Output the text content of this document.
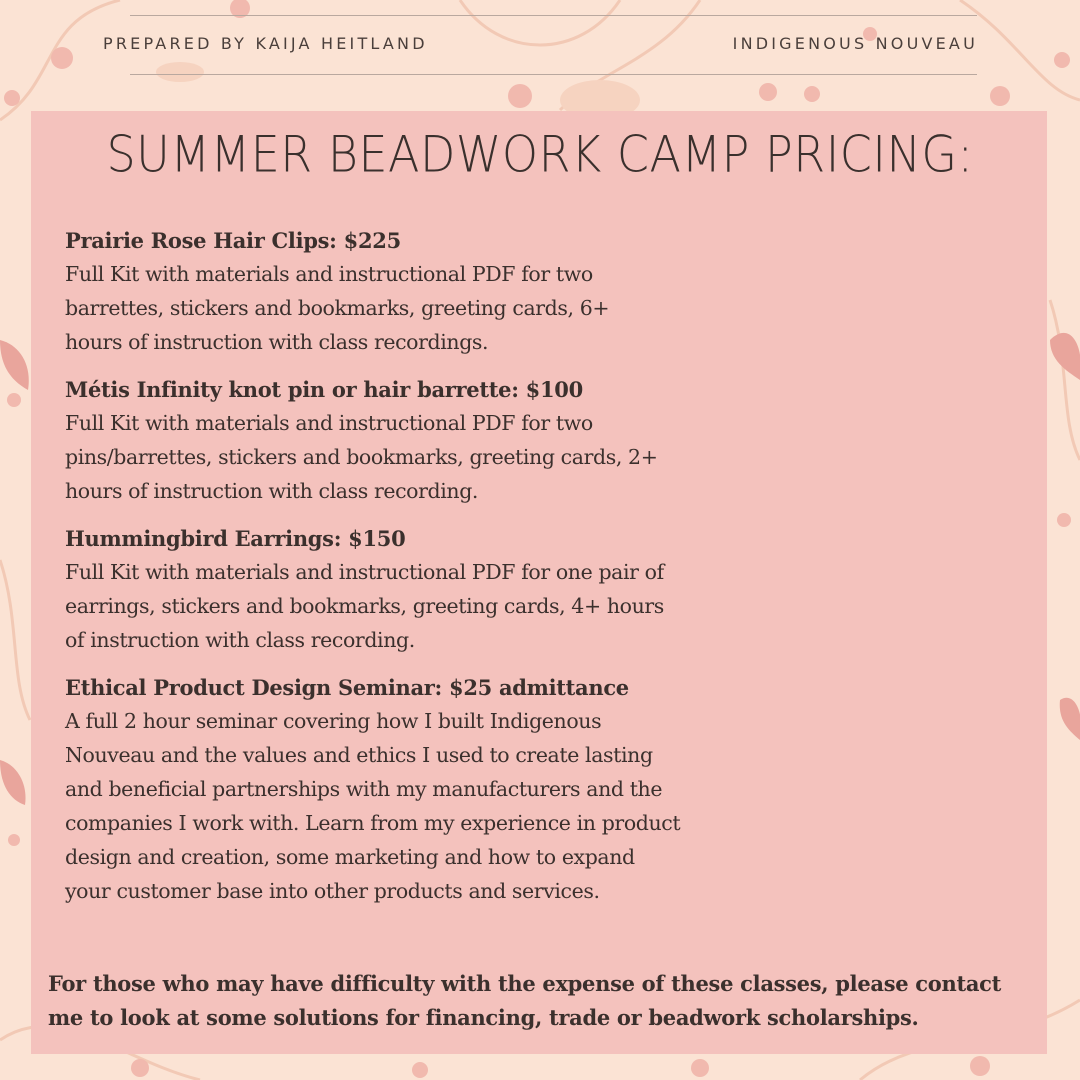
PREPARED BY KAIJA HEITLAND	INDIGENOUS NOUVEAU
SUMMER BEADWORK CAMP PRICING:
Prairie Rose Hair Clips: $225
Full Kit with materials and instructional PDF for two
barrettes, stickers and bookmarks, greeting cards, 6+
hours of instruction with class recordings.
Métis Infinity knot pin or hair barrette: $100
Full Kit with materials and instructional PDF for two
pins/barrettes, stickers and bookmarks, greeting cards, 2+
hours of instruction with class recording.
Hummingbird Earrings: $150
Full Kit with materials and instructional PDF for one pair of
earrings, stickers and bookmarks, greeting cards, 4+ hours
of instruction with class recording.
Ethical Product Design Seminar: $25 admittance
A full 2 hour seminar covering how I built Indigenous
Nouveau and the values and ethics I used to create lasting
and beneficial partnerships with my manufacturers and the
companies I work with. Learn from my experience in product
design and creation, some marketing and how to expand
your customer base into other products and services.
For those who may have difficulty with the expense of these classes, please contact
me to look at some solutions for financing, trade or beadwork scholarships.
